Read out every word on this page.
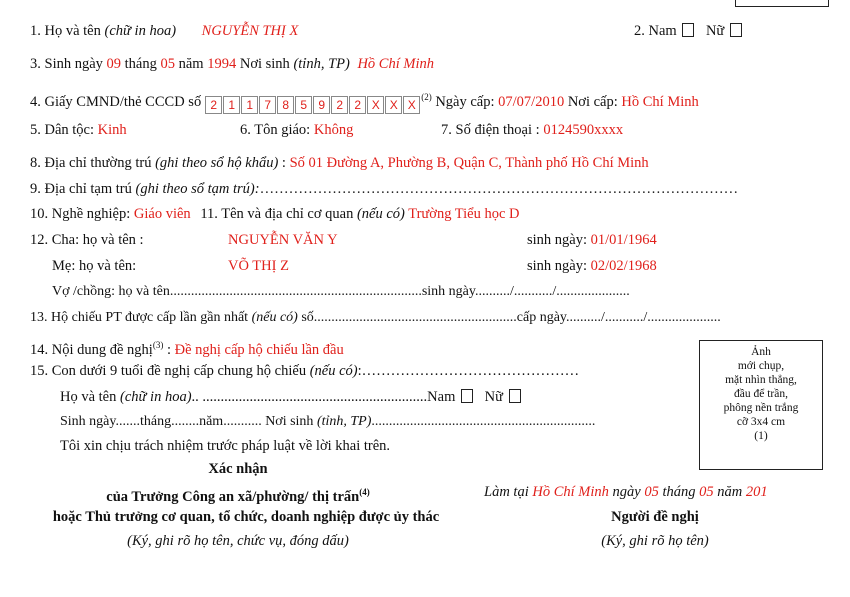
1. Họ và tên (chữ in hoa) NGUYỄN THỊ X	2. Nam Nữ
3. Sinh ngày 09 tháng 05 năm 1994 Nơi sinh (tỉnh, TP) Hồ Chí Minh
4. Giấy CMND/thẻ CCCD số 2 1 1 7 8 5 9 2 2 X X X
$^{(2)}$ Ngày cấp: 07/07/2010 Nơi cấp: Hồ Chí Minh
5. Dân tộc: Kinh	6. Tôn giáo: Không	7. Số điện thoại : 0124590xxxx
8. Địa chỉ thường trú (ghi theo sổ hộ khẩu) : Số 01 Đường A, Phường B, Quận C, Thành phố Hồ Chí Minh
9. Địa chỉ tạm trú (ghi theo sổ tạm trú):………………………………………………………………………………………
10. Nghề nghiệp: Giáo viên 11. Tên và địa chỉ cơ quan (nếu có) Trường Tiểu học D
12. Cha: họ và tên :	NGUYỄN VĂN Y	sinh ngày: 01/01/1964
Mẹ: họ và tên:	VÕ THỊ Z	sinh ngày: 02/02/1968
Vợ /chồng: họ và tên........................................................................sinh ngày........../.........../.....................
13. Hộ chiếu PT được cấp lần gần nhất (nếu có) số..........................................................cấp ngày........../.........../.....................
14. Nội dung đề nghị$^{(3)}$ : Đề nghị cấp hộ chiếu lần đầu
15. Con dưới 9 tuổi đề nghị cấp chung hộ chiếu (nếu có):………………………………………
Họ và tên (chữ in hoa).. ..............................................................Nam Nữ
Sinh ngày.......tháng........năm........... Nơi sinh (tỉnh, TP)................................................................
Tôi xin chịu trách nhiệm trước pháp luật về lời khai trên.
Ảnh
mới chụp,
mặt nhìn thẳng,
đầu để trần,
phông nền trắng
cỡ 3x4 cm
(1)
Xác nhận
của Trưởng Công an xã/phường/ thị trấn$^{(4)}$
hoặc Thủ trưởng cơ quan, tổ chức, doanh nghiệp được ủy thác
(Ký, ghi rõ họ tên, chức vụ, đóng dấu)
Làm tại Hồ Chí Minh ngày 05 tháng 05 năm 201
Người đề nghị
(Ký, ghi rõ họ tên)
